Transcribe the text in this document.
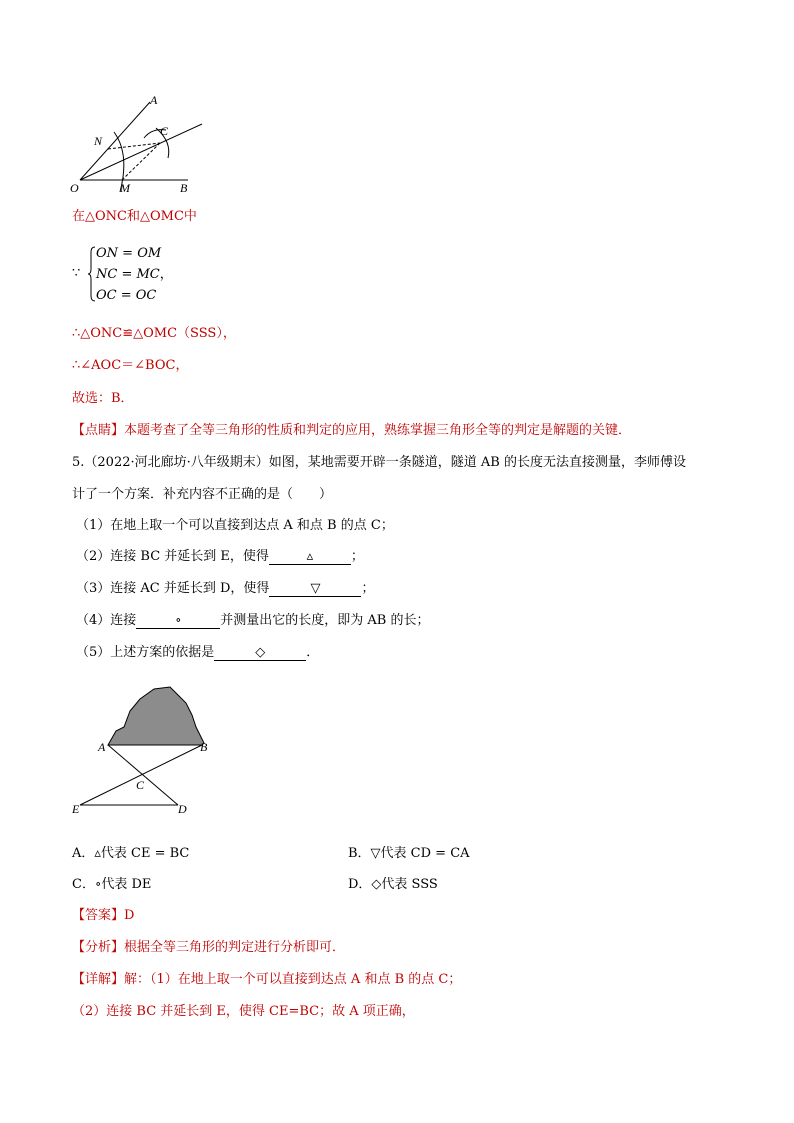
A
N
C
O	M	B
在△ONC和△OMC中
∵
ON = OM
NC = MC，
OC = OC
∴△ONC≌△OMC（SSS），
∴∠AOC＝∠BOC，
故选：B．
【点睛】本题考查了全等三角形的性质和判定的应用，熟练掌握三角形全等的判定是解题的关键．
5.（2022·河北廊坊·八年级期末）如图，某地需要开辟一条隧道，隧道 AB 的长度无法直接测量，李师傅设
计了一个方案．补充内容不正确的是（　　）
（1）在地上取一个可以直接到达点 A 和点 B 的点 C；
（2）连接 BC 并延长到 E，使得	▵	；
（3）连接 AC 并延长到 D，使得	▽	；
（4）连接	∘	并测量出它的长度，即为 AB 的长；
（5）上述方案的依据是	◇	．
A	B
C
E	D
A．▵代表 CE = BC	B．▽代表 CD = CA
C．∘代表 DE	D．◇代表 SSS
【答案】D
【分析】根据全等三角形的判定进行分析即可．
【详解】解：（1）在地上取一个可以直接到达点 A 和点 B 的点 C；
（2）连接 BC 并延长到 E，使得 CE=BC；故 A 项正确，
